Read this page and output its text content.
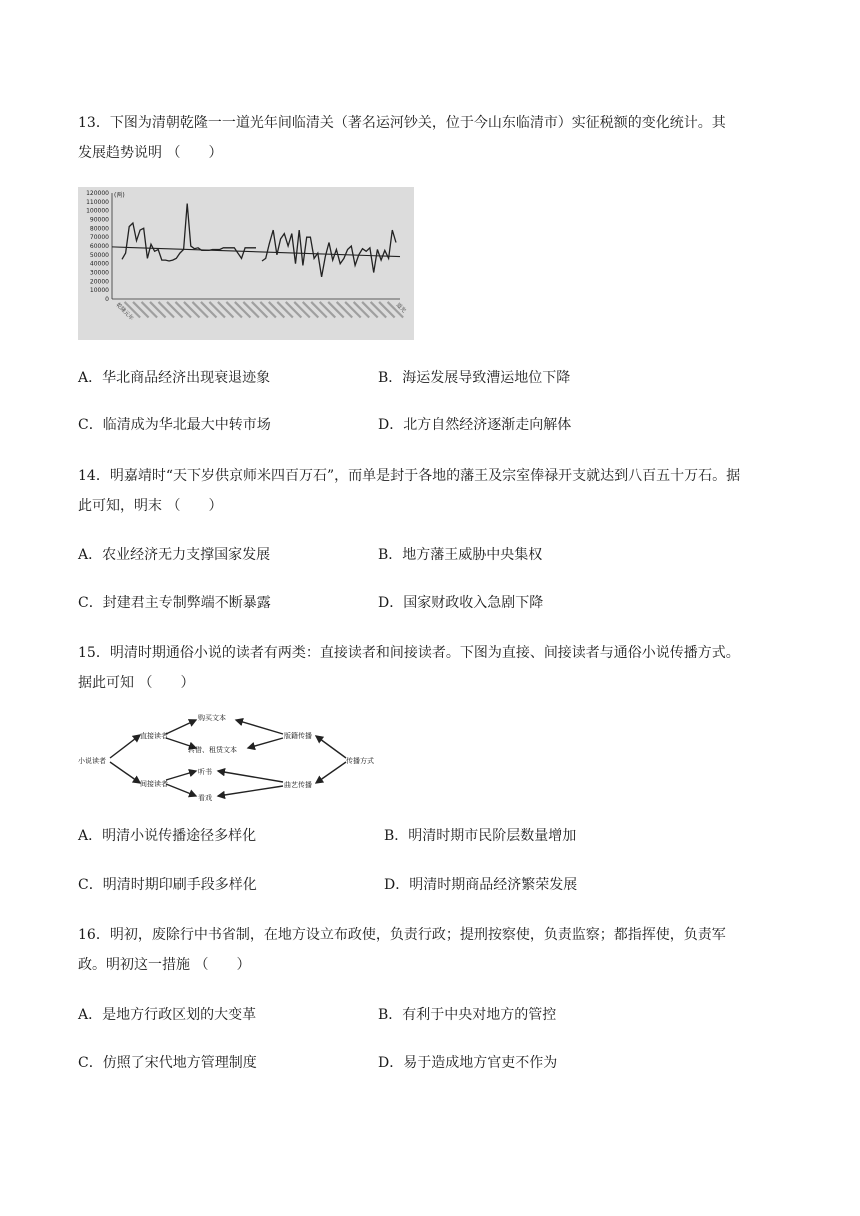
13．下图为清朝乾隆一一道光年间临清关（著名运河钞关，位于今山东临清市）实征税额的变化统计。其
发展趋势说明 （　　）
120000
110000
100000
90000
80000
70000
60000
50000
40000
30000
20000
10000
0
(两)
乾隆元年	道光
A．华北商品经济出现衰退迹象	B．海运发展导致漕运地位下降
C．临清成为华北最大中转市场	D．北方自然经济逐渐走向解体
14．明嘉靖时“天下岁供京师米四百万石”，而单是封于各地的藩王及宗室俸禄开支就达到八百五十万石。据
此可知，明末 （　　）
A．农业经济无力支撑国家发展	B．地方藩王威胁中央集权
C．封建君主专制弊端不断暴露	D．国家财政收入急剧下降
15．明清时期通俗小说的读者有两类：直接读者和间接读者。下图为直接、间接读者与通俗小说传播方式。
据此可知 （　　）
小说读者
直接读者
间接读者
购买文本
转借、租赁文本
听书
看戏
版籍传播
曲艺传播
传播方式
A．明清小说传播途径多样化	B．明清时期市民阶层数量增加
C．明清时期印刷手段多样化	D．明清时期商品经济繁荣发展
16．明初，废除行中书省制，在地方设立布政使，负责行政；提刑按察使，负责监察；都指挥使，负责军
政。明初这一措施 （　　）
A．是地方行政区划的大变革	B．有利于中央对地方的管控
C．仿照了宋代地方管理制度	D．易于造成地方官吏不作为
